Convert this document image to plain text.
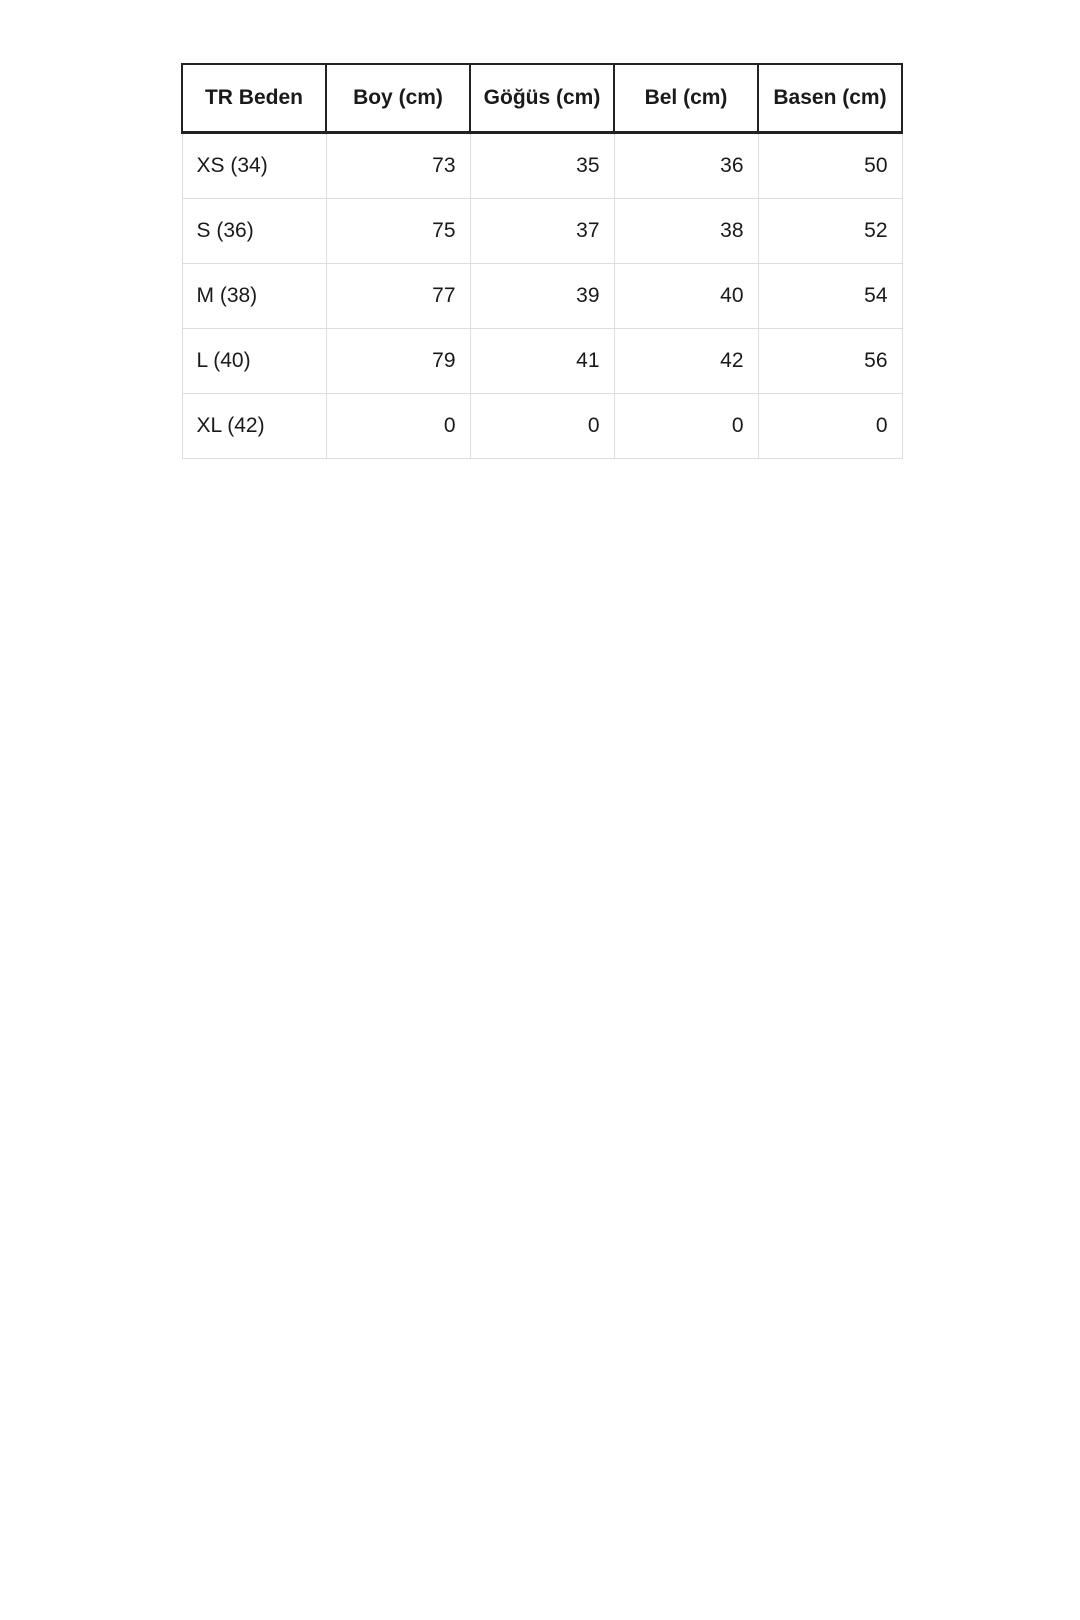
TR Beden	Boy (cm)	Göğüs (cm)	Bel (cm)	Basen (cm)
XS (34)	73	35	36	50
S (36)	75	37	38	52
M (38)	77	39	40	54
L (40)	79	41	42	56
XL (42)	0	0	0	0
